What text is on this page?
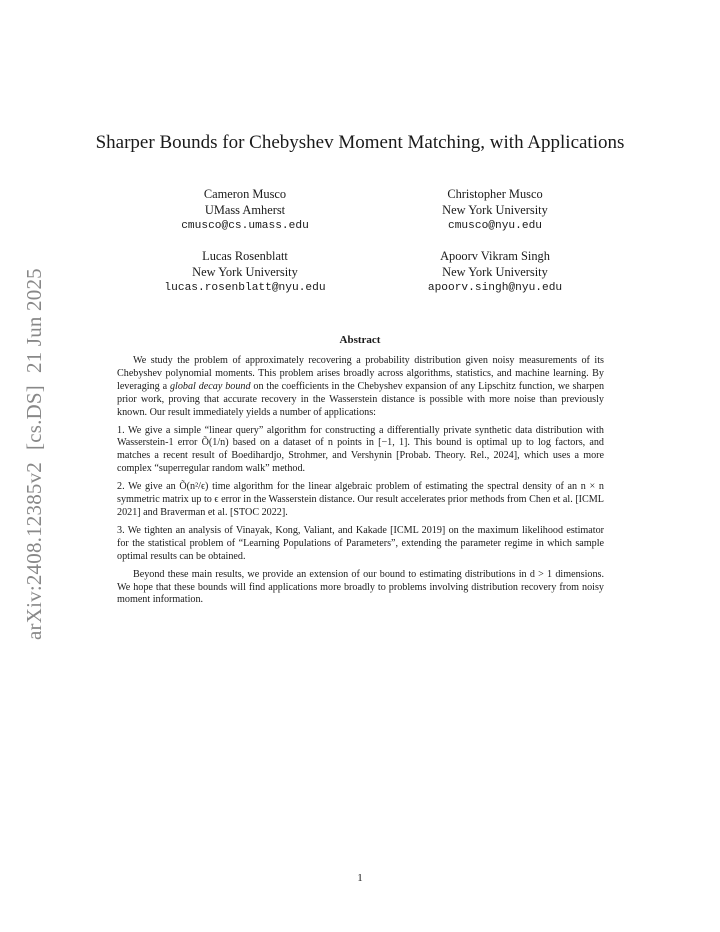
arXiv:2408.12385v2[cs.DS]21 Jun 2025
Sharper Bounds for Chebyshev Moment Matching, with Applications
Cameron Musco
UMass Amherst
cmusco@cs.umass.edu
Christopher Musco
New York University
cmusco@nyu.edu
Lucas Rosenblatt
New York University
lucas.rosenblatt@nyu.edu
Apoorv Vikram Singh
New York University
apoorv.singh@nyu.edu
Abstract

We study the problem of approximately recovering a probability distribution given noisy measurements of its Chebyshev polynomial moments. This problem arises broadly across algorithms, statistics, and machine learning. By leveraging a global decay bound on the coefficients in the Chebyshev expansion of any Lipschitz function, we sharpen prior work, proving that accurate recovery in the Wasserstein distance is possible with more noise than previously known. Our result immediately yields a number of applications:

1. We give a simple “linear query” algorithm for constructing a differentially private synthetic data distribution with Wasserstein-1 error Õ(1/n) based on a dataset of n points in [−1, 1]. This bound is optimal up to log factors, and matches a recent result of Boedihardjo, Strohmer, and Vershynin [Probab. Theory. Rel., 2024], which uses a more complex “superregular random walk” method.

2. We give an Õ(n²/ϵ) time algorithm for the linear algebraic problem of estimating the spectral density of an n × n symmetric matrix up to ϵ error in the Wasserstein distance. Our result accelerates prior methods from Chen et al. [ICML 2021] and Braverman et al. [STOC 2022].

3. We tighten an analysis of Vinayak, Kong, Valiant, and Kakade [ICML 2019] on the maximum likelihood estimator for the statistical problem of “Learning Populations of Parameters”, extending the parameter regime in which sample optimal results can be obtained.

Beyond these main results, we provide an extension of our bound to estimating distributions in d > 1 dimensions. We hope that these bounds will find applications more broadly to problems involving distribution recovery from noisy moment information.

1
